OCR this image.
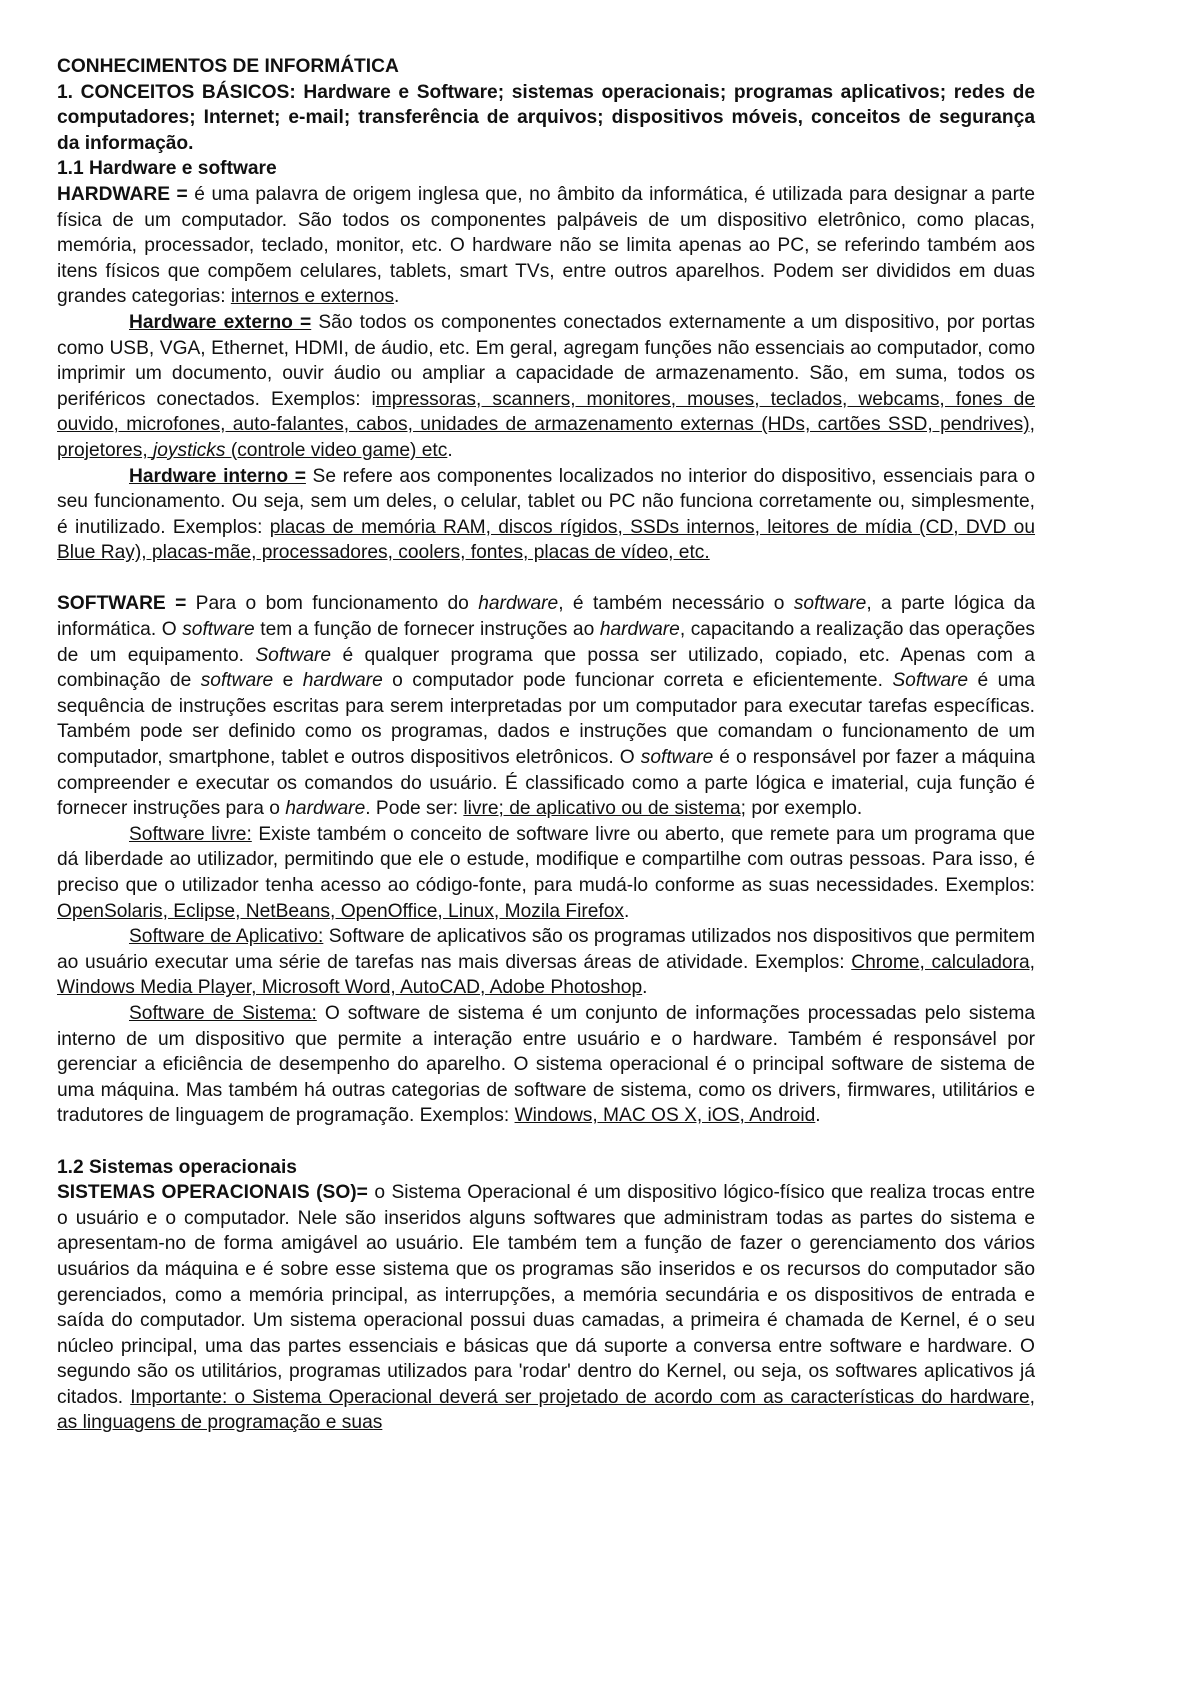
CONHECIMENTOS DE INFORMÁTICA

1. CONCEITOS BÁSICOS: Hardware e Software; sistemas operacionais; programas aplicativos; redes de computadores; Internet; e-mail; transferência de arquivos; dispositivos móveis, conceitos de segurança da informação.

1.1 Hardware e software

HARDWARE = é uma palavra de origem inglesa que, no âmbito da informática, é utilizada para designar a parte física de um computador. São todos os componentes palpáveis de um dispositivo eletrônico, como placas, memória, processador, teclado, monitor, etc. O hardware não se limita apenas ao PC, se referindo também aos itens físicos que compõem celulares, tablets, smart TVs, entre outros aparelhos. Podem ser divididos em duas grandes categorias: internos e externos.

Hardware externo = São todos os componentes conectados externamente a um dispositivo, por portas como USB, VGA, Ethernet, HDMI, de áudio, etc. Em geral, agregam funções não essenciais ao computador, como imprimir um documento, ouvir áudio ou ampliar a capacidade de armazenamento. São, em suma, todos os periféricos conectados. Exemplos: impressoras, scanners, monitores, mouses, teclados, webcams, fones de ouvido, microfones, auto-falantes, cabos, unidades de armazenamento externas (HDs, cartões SSD, pendrives), projetores, joysticks (controle video game) etc.

Hardware interno = Se refere aos componentes localizados no interior do dispositivo, essenciais para o seu funcionamento. Ou seja, sem um deles, o celular, tablet ou PC não funciona corretamente ou, simplesmente, é inutilizado. Exemplos: placas de memória RAM, discos rígidos, SSDs internos, leitores de mídia (CD, DVD ou Blue Ray), placas-mãe, processadores, coolers, fontes, placas de vídeo, etc.

SOFTWARE = Para o bom funcionamento do hardware, é também necessário o software, a parte lógica da informática. O software tem a função de fornecer instruções ao hardware, capacitando a realização das operações de um equipamento. Software é qualquer programa que possa ser utilizado, copiado, etc. Apenas com a combinação de software e hardware o computador pode funcionar correta e eficientemente. Software é uma sequência de instruções escritas para serem interpretadas por um computador para executar tarefas específicas. Também pode ser definido como os programas, dados e instruções que comandam o funcionamento de um computador, smartphone, tablet e outros dispositivos eletrônicos. O software é o responsável por fazer a máquina compreender e executar os comandos do usuário. É classificado como a parte lógica e imaterial, cuja função é fornecer instruções para o hardware. Pode ser: livre; de aplicativo ou de sistema; por exemplo.

Software livre: Existe também o conceito de software livre ou aberto, que remete para um programa que dá liberdade ao utilizador, permitindo que ele o estude, modifique e compartilhe com outras pessoas. Para isso, é preciso que o utilizador tenha acesso ao código-fonte, para mudá-lo conforme as suas necessidades. Exemplos: OpenSolaris, Eclipse, NetBeans, OpenOffice, Linux, Mozila Firefox.

Software de Aplicativo: Software de aplicativos são os programas utilizados nos dispositivos que permitem ao usuário executar uma série de tarefas nas mais diversas áreas de atividade. Exemplos: Chrome, calculadora, Windows Media Player, Microsoft Word, AutoCAD, Adobe Photoshop.

Software de Sistema: O software de sistema é um conjunto de informações processadas pelo sistema interno de um dispositivo que permite a interação entre usuário e o hardware. Também é responsável por gerenciar a eficiência de desempenho do aparelho. O sistema operacional é o principal software de sistema de uma máquina. Mas também há outras categorias de software de sistema, como os drivers, firmwares, utilitários e tradutores de linguagem de programação. Exemplos: Windows, MAC OS X, iOS, Android.

1.2 Sistemas operacionais

SISTEMAS OPERACIONAIS (SO)= o Sistema Operacional é um dispositivo lógico-físico que realiza trocas entre o usuário e o computador. Nele são inseridos alguns softwares que administram todas as partes do sistema e apresentam-no de forma amigável ao usuário. Ele também tem a função de fazer o gerenciamento dos vários usuários da máquina e é sobre esse sistema que os programas são inseridos e os recursos do computador são gerenciados, como a memória principal, as interrupções, a memória secundária e os dispositivos de entrada e saída do computador. Um sistema operacional possui duas camadas, a primeira é chamada de Kernel, é o seu núcleo principal, uma das partes essenciais e básicas que dá suporte a conversa entre software e hardware. O segundo são os utilitários, programas utilizados para 'rodar' dentro do Kernel, ou seja, os softwares aplicativos já citados. Importante: o Sistema Operacional deverá ser projetado de acordo com as características do hardware, as linguagens de programação e suas
